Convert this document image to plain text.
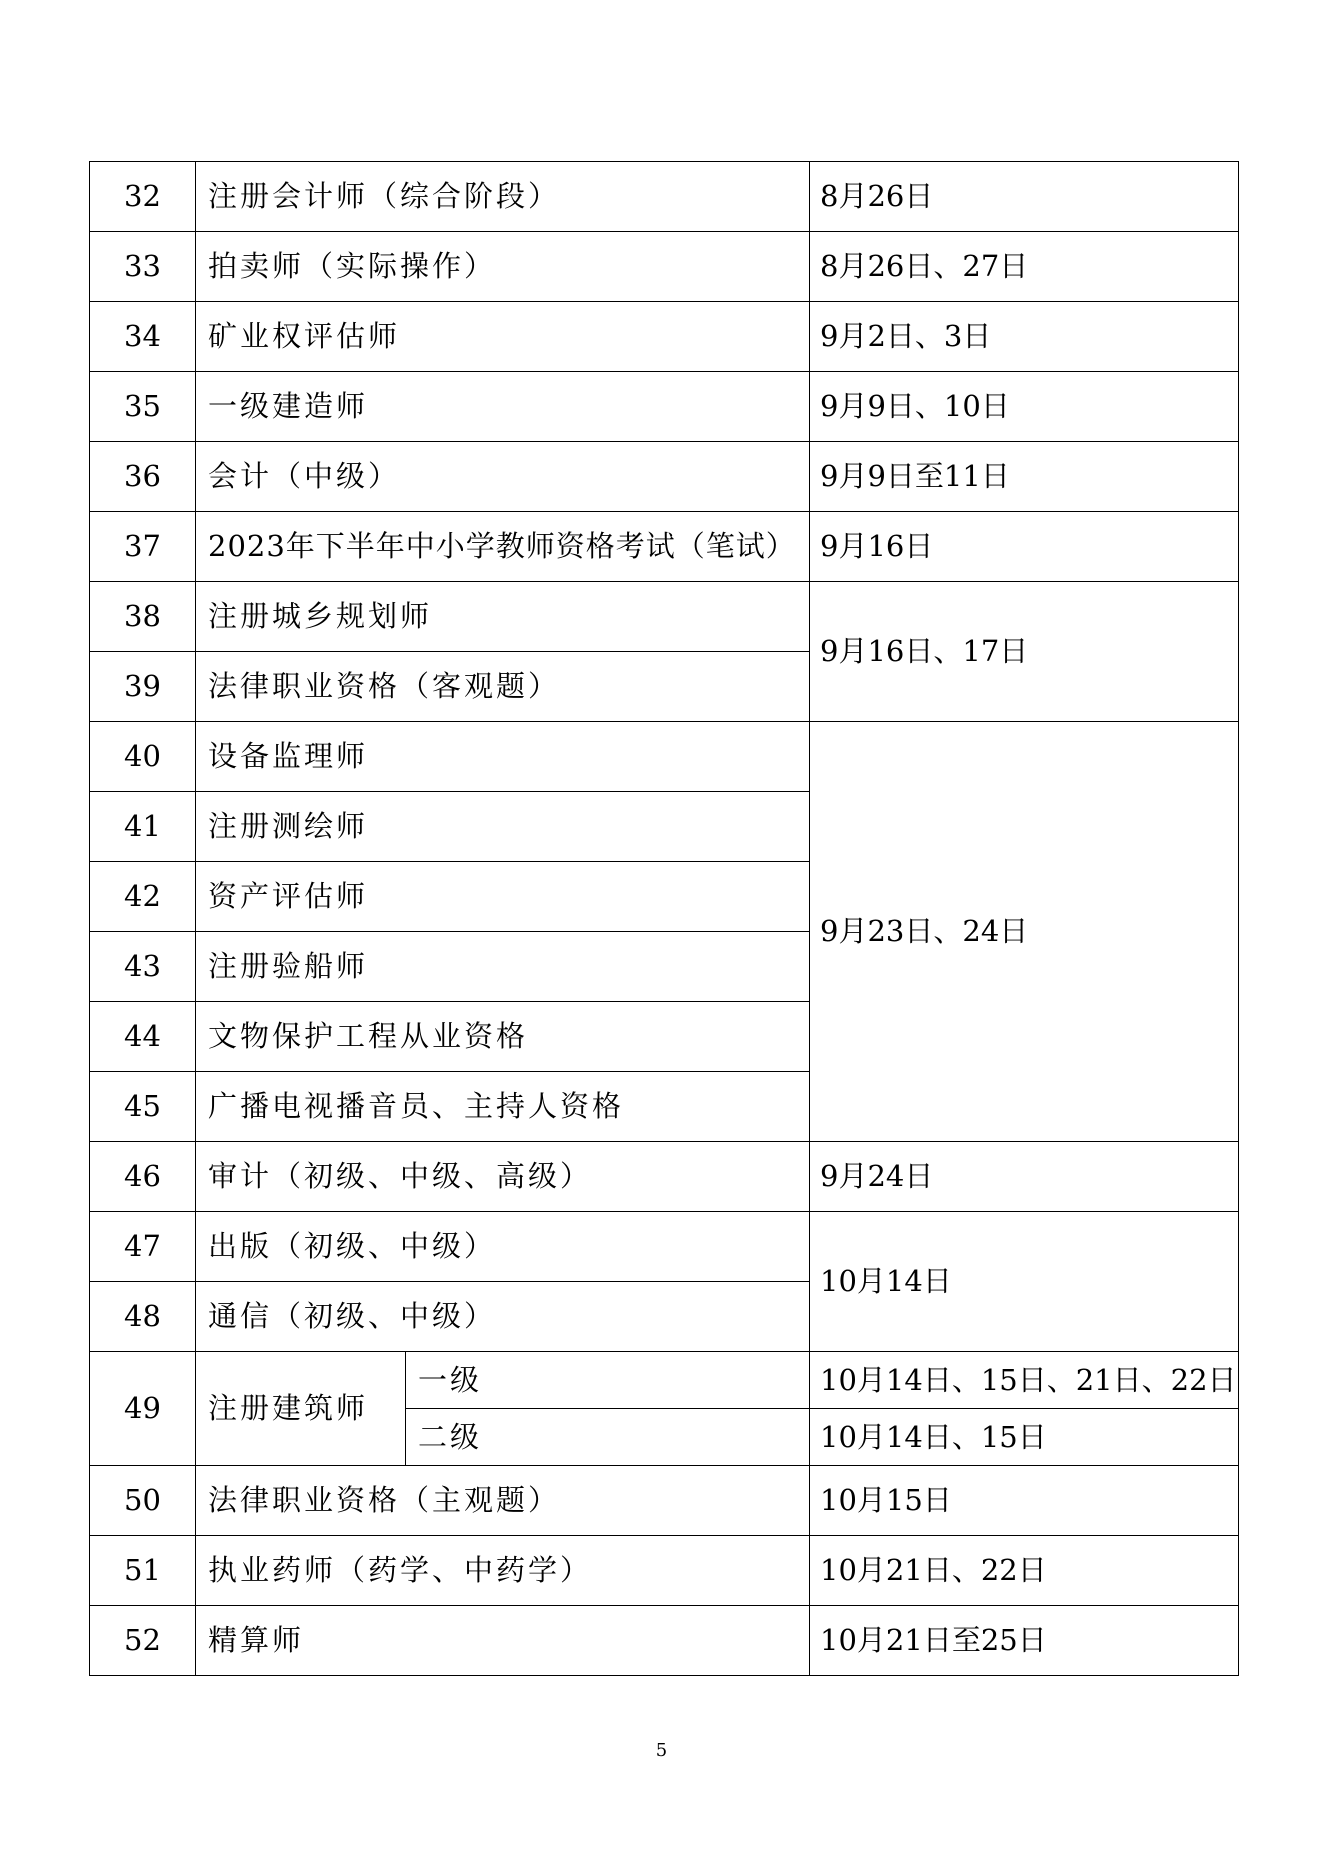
32	注册会计师（综合阶段）		8月26日
33	拍卖师（实际操作）		8月26日、27日
34	矿业权评估师		9月2日、3日
35	一级建造师		9月9日、10日
36	会计（中级）		9月9日至11日
37	2023年下半年中小学教师资格考试（笔试）		9月16日
38	注册城乡规划师		9月16日、17日
39	法律职业资格（客观题）		
40	设备监理师		9月23日、24日
41	注册测绘师		
42	资产评估师		
43	注册验船师		
44	文物保护工程从业资格		
45	广播电视播音员、主持人资格		
46	审计（初级、中级、高级）		9月24日
47	出版（初级、中级）		10月14日
48	通信（初级、中级）		
49	注册建筑师	一级	10月14日、15日、21日、22日
		二级	10月14日、15日
50	法律职业资格（主观题）		10月15日
51	执业药师（药学、中药学）		10月21日、22日
52	精算师		10月21日至25日
5
